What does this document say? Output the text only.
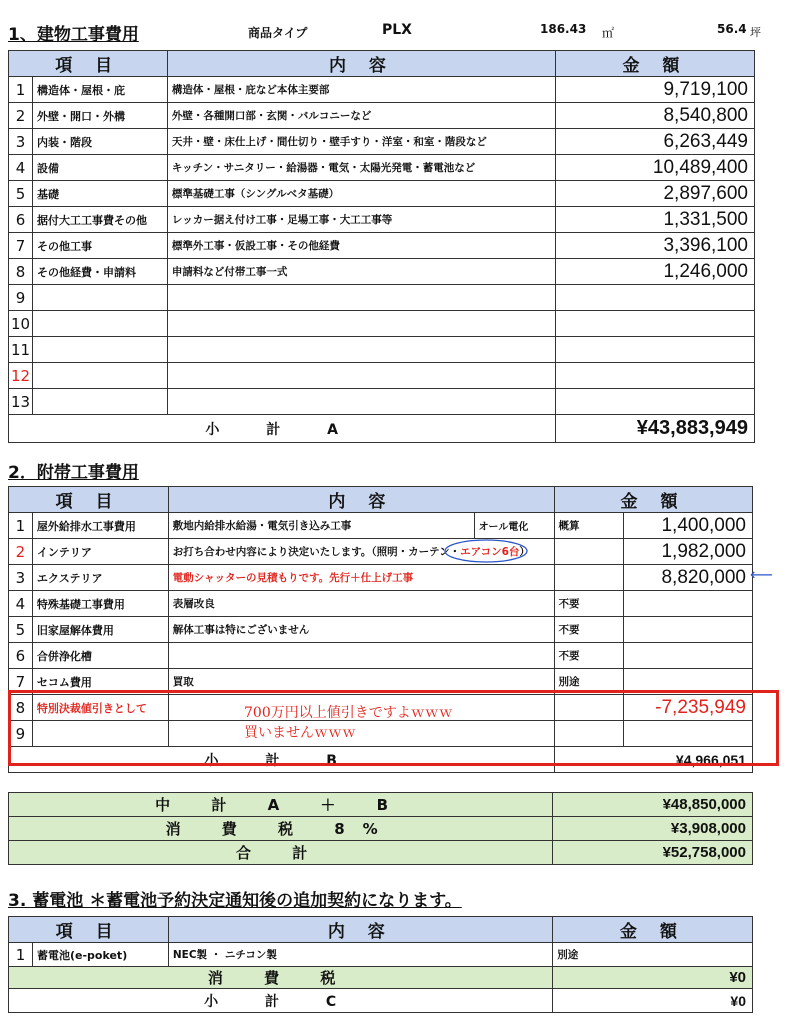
1、建物工事費用	商品タイプ	PLX	186.43 ㎡	56.4 坪
項 目		内 容	金 額
1	構造体・屋根・庇	構造体・屋根・庇など本体主要部	9,719,100
2	外壁・開口・外構	外壁・各種開口部・玄関・バルコニーなど	8,540,800
3	内装・階段	天井・壁・床仕上げ・間仕切り・壁手すり・洋室・和室・階段など	6,263,449
4	設備	キッチン・サニタリー・給湯器・電気・太陽光発電・蓄電池など	10,489,400
5	基礎	標準基礎工事（シングルベタ基礎）	2,897,600
6	据付大工工事費その他	レッカー据え付け工事・足場工事・大工工事等	1,331,500
7	その他工事	標準外工事・仮設工事・その他経費	3,396,100
8	その他経費・申請料	申請料など付帯工事一式	1,246,000
9			
10			
11			
12			
13			
小 計 A			¥43,883,949
2．附帯工事費用
項 目		内 容		金 額	
1	屋外給排水工事費用	敷地内給排水給湯・電気引き込み工事	オール電化	概算	1,400,000
2	インテリア	お打ち合わせ内容により決定いたします。（照明・カーテン・エアコン6台）			1,982,000
3	エクステリア	電動シャッターの見積もりです。先行＋仕上げ工事			8,820,000
4	特殊基礎工事費用	表層改良		不要	
5	旧家屋解体費用	解体工事は特にございません		不要	
6	合併浄化槽			不要	
7	セコム費用	買取		別途	
8	特別決裁値引きとして				-7,235,949
9					
小 計 B				¥4,966,051	
700万円以上値引きですよｗｗｗ
買いませんｗｗｗ
⟵
中 計 A ＋ B	¥48,850,000
消 費 税 8%	¥3,908,000
合 計	¥52,758,000
3. 蓄電池 ＊蓄電池予約決定通知後の追加契約になります。
項 目		内 容	金 額
1	蓄電池(e-poket)	NEC製 ・ ニチコン製	別途
消 費 税			¥0
小 計 C			¥0
